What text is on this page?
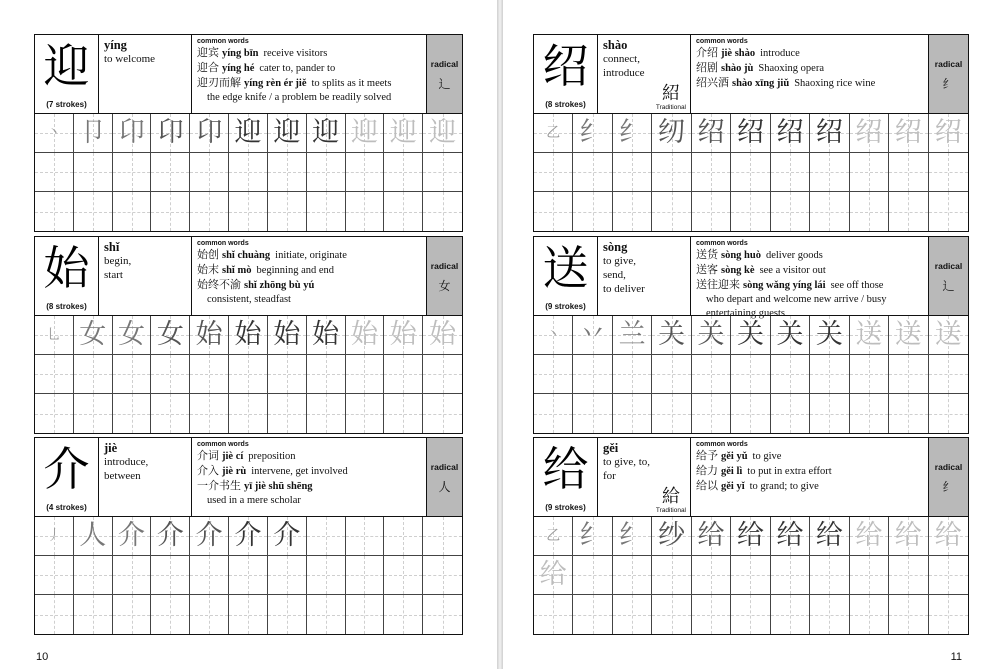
迎
(7 strokes)
yíng
to welcome
common words
迎宾 yíng bīn receive visitors
迎合 yíng hé cater to, pander to
迎刃而解 yíng rèn ér jiě to splits as it meets
the edge knife / a problem be readily solved
radical
辶
丶 卩 卬 卬 卬 迎 迎 迎 迎 迎 迎
始
(8 strokes)
shǐ
begin,
start
common words
始创 shǐ chuàng initiate, originate
始末 shǐ mò beginning and end
始终不渝 shǐ zhōng bù yú
consistent, steadfast
radical
女
乚 女 女 女 始 始 始 始 始 始 始
介
(4 strokes)
jiè
introduce,
between
common words
介词 jiè cí preposition
介入 jiè rù intervene, get involved
一介书生 yī jiè shū shēng
used in a mere scholar
radical
人
丿 人 介 介 介 介 介
10
绍
(8 strokes)
shào
connect,
introduce
紹
Traditional
common words
介绍 jiè shào introduce
绍剧 shào jù Shaoxing opera
绍兴酒 shào xīng jiǔ Shaoxing rice wine
radical
纟
乙 纟 纟 纫 绍 绍 绍 绍 绍 绍 绍
送
(9 strokes)
sòng
to give,
send,
to deliver
common words
送货 sòng huò deliver goods
送客 sòng kè see a visitor out
送往迎来 sòng wǎng yíng lái see off those
who depart and welcome new arrive / busy
entertaining guests
radical
辶
丶 丷 兰 关 关 关 关 关 送 送 送
给
(9 strokes)
gěi
to give, to,
for
給
Traditional
common words
给予 gěi yǔ to give
给力 gěi lì to put in extra effort
给以 gěi yǐ to grand; to give
radical
纟
乙 纟 纟 纱 给 给 给 给 给 给 给
给
11
